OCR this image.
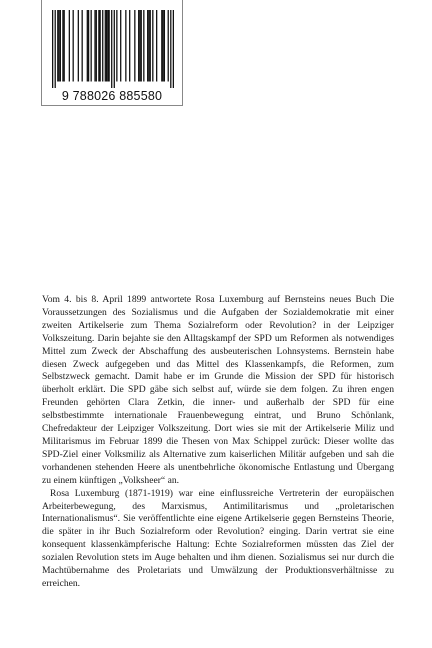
9 788026 885580

Vom 4. bis 8. April 1899 antwortete Rosa Luxemburg auf Bernsteins neues Buch Die Voraussetzungen des Sozialismus und die Aufgaben der Sozialdemokratie mit einer zweiten Artikelserie zum Thema Sozialreform oder Revolution? in der Leipziger Volkszeitung. Darin bejahte sie den Alltagskampf der SPD um Reformen als notwendiges Mittel zum Zweck der Abschaffung des ausbeuterischen Lohnsystems. Bernstein habe diesen Zweck aufgegeben und das Mittel des Klassenkampfs, die Reformen, zum Selbstzweck gemacht. Damit habe er im Grunde die Mission der SPD für historisch überholt erklärt. Die SPD gäbe sich selbst auf, würde sie dem folgen. Zu ihren engen Freunden gehörten Clara Zetkin, die inner- und außerhalb der SPD für eine selbstbestimmte internationale Frauenbewegung eintrat, und Bruno Schönlank, Chefredakteur der Leipziger Volkszeitung. Dort wies sie mit der Artikelserie Miliz und Militarismus im Februar 1899 die Thesen von Max Schippel zurück: Dieser wollte das SPD-Ziel einer Volksmiliz als Alternative zum kaiserlichen Militär aufgeben und sah die vorhandenen stehenden Heere als unentbehrliche ökonomische Entlastung und Übergang zu einem künftigen „Volksheer“ an.

Rosa Luxemburg (1871-1919) war eine einflussreiche Vertreterin der europäischen Arbeiterbewegung, des Marxismus, Antimilitarismus und „proletarischen Internationalismus“. Sie veröffentlichte eine eigene Artikelserie gegen Bernsteins Theorie, die später in ihr Buch Sozialreform oder Revolution? einging. Darin vertrat sie eine konsequent klassenkämpferische Haltung: Echte Sozialreformen müssten das Ziel der sozialen Revolution stets im Auge behalten und ihm dienen. Sozialismus sei nur durch die Machtübernahme des Proletariats und Umwälzung der Produktionsverhältnisse zu erreichen.
